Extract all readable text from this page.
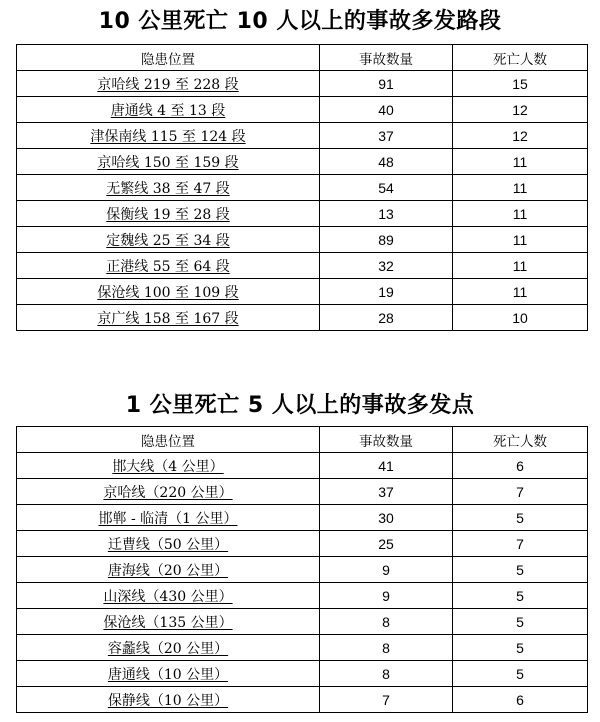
10 公里死亡 10 人以上的事故多发路段
隐患位置	事故数量	死亡人数
京哈线 219 至 228 段	91	15
唐通线 4 至 13 段	40	12
津保南线 115 至 124 段	37	12
京哈线 150 至 159 段	48	11
无繁线 38 至 47 段	54	11
保衡线 19 至 28 段	13	11
定魏线 25 至 34 段	89	11
正港线 55 至 64 段	32	11
保沧线 100 至 109 段	19	11
京广线 158 至 167 段	28	10
1 公里死亡 5 人以上的事故多发点
隐患位置	事故数量	死亡人数
邯大线（4 公里）	41	6
京哈线（220 公里）	37	7
邯郸 - 临清（1 公里）	30	5
迁曹线（50 公里）	25	7
唐海线（20 公里）	9	5
山深线（430 公里）	9	5
保沧线（135 公里）	8	5
容蠡线（20 公里）	8	5
唐通线（10 公里）	8	5
保静线（10 公里）	7	6
